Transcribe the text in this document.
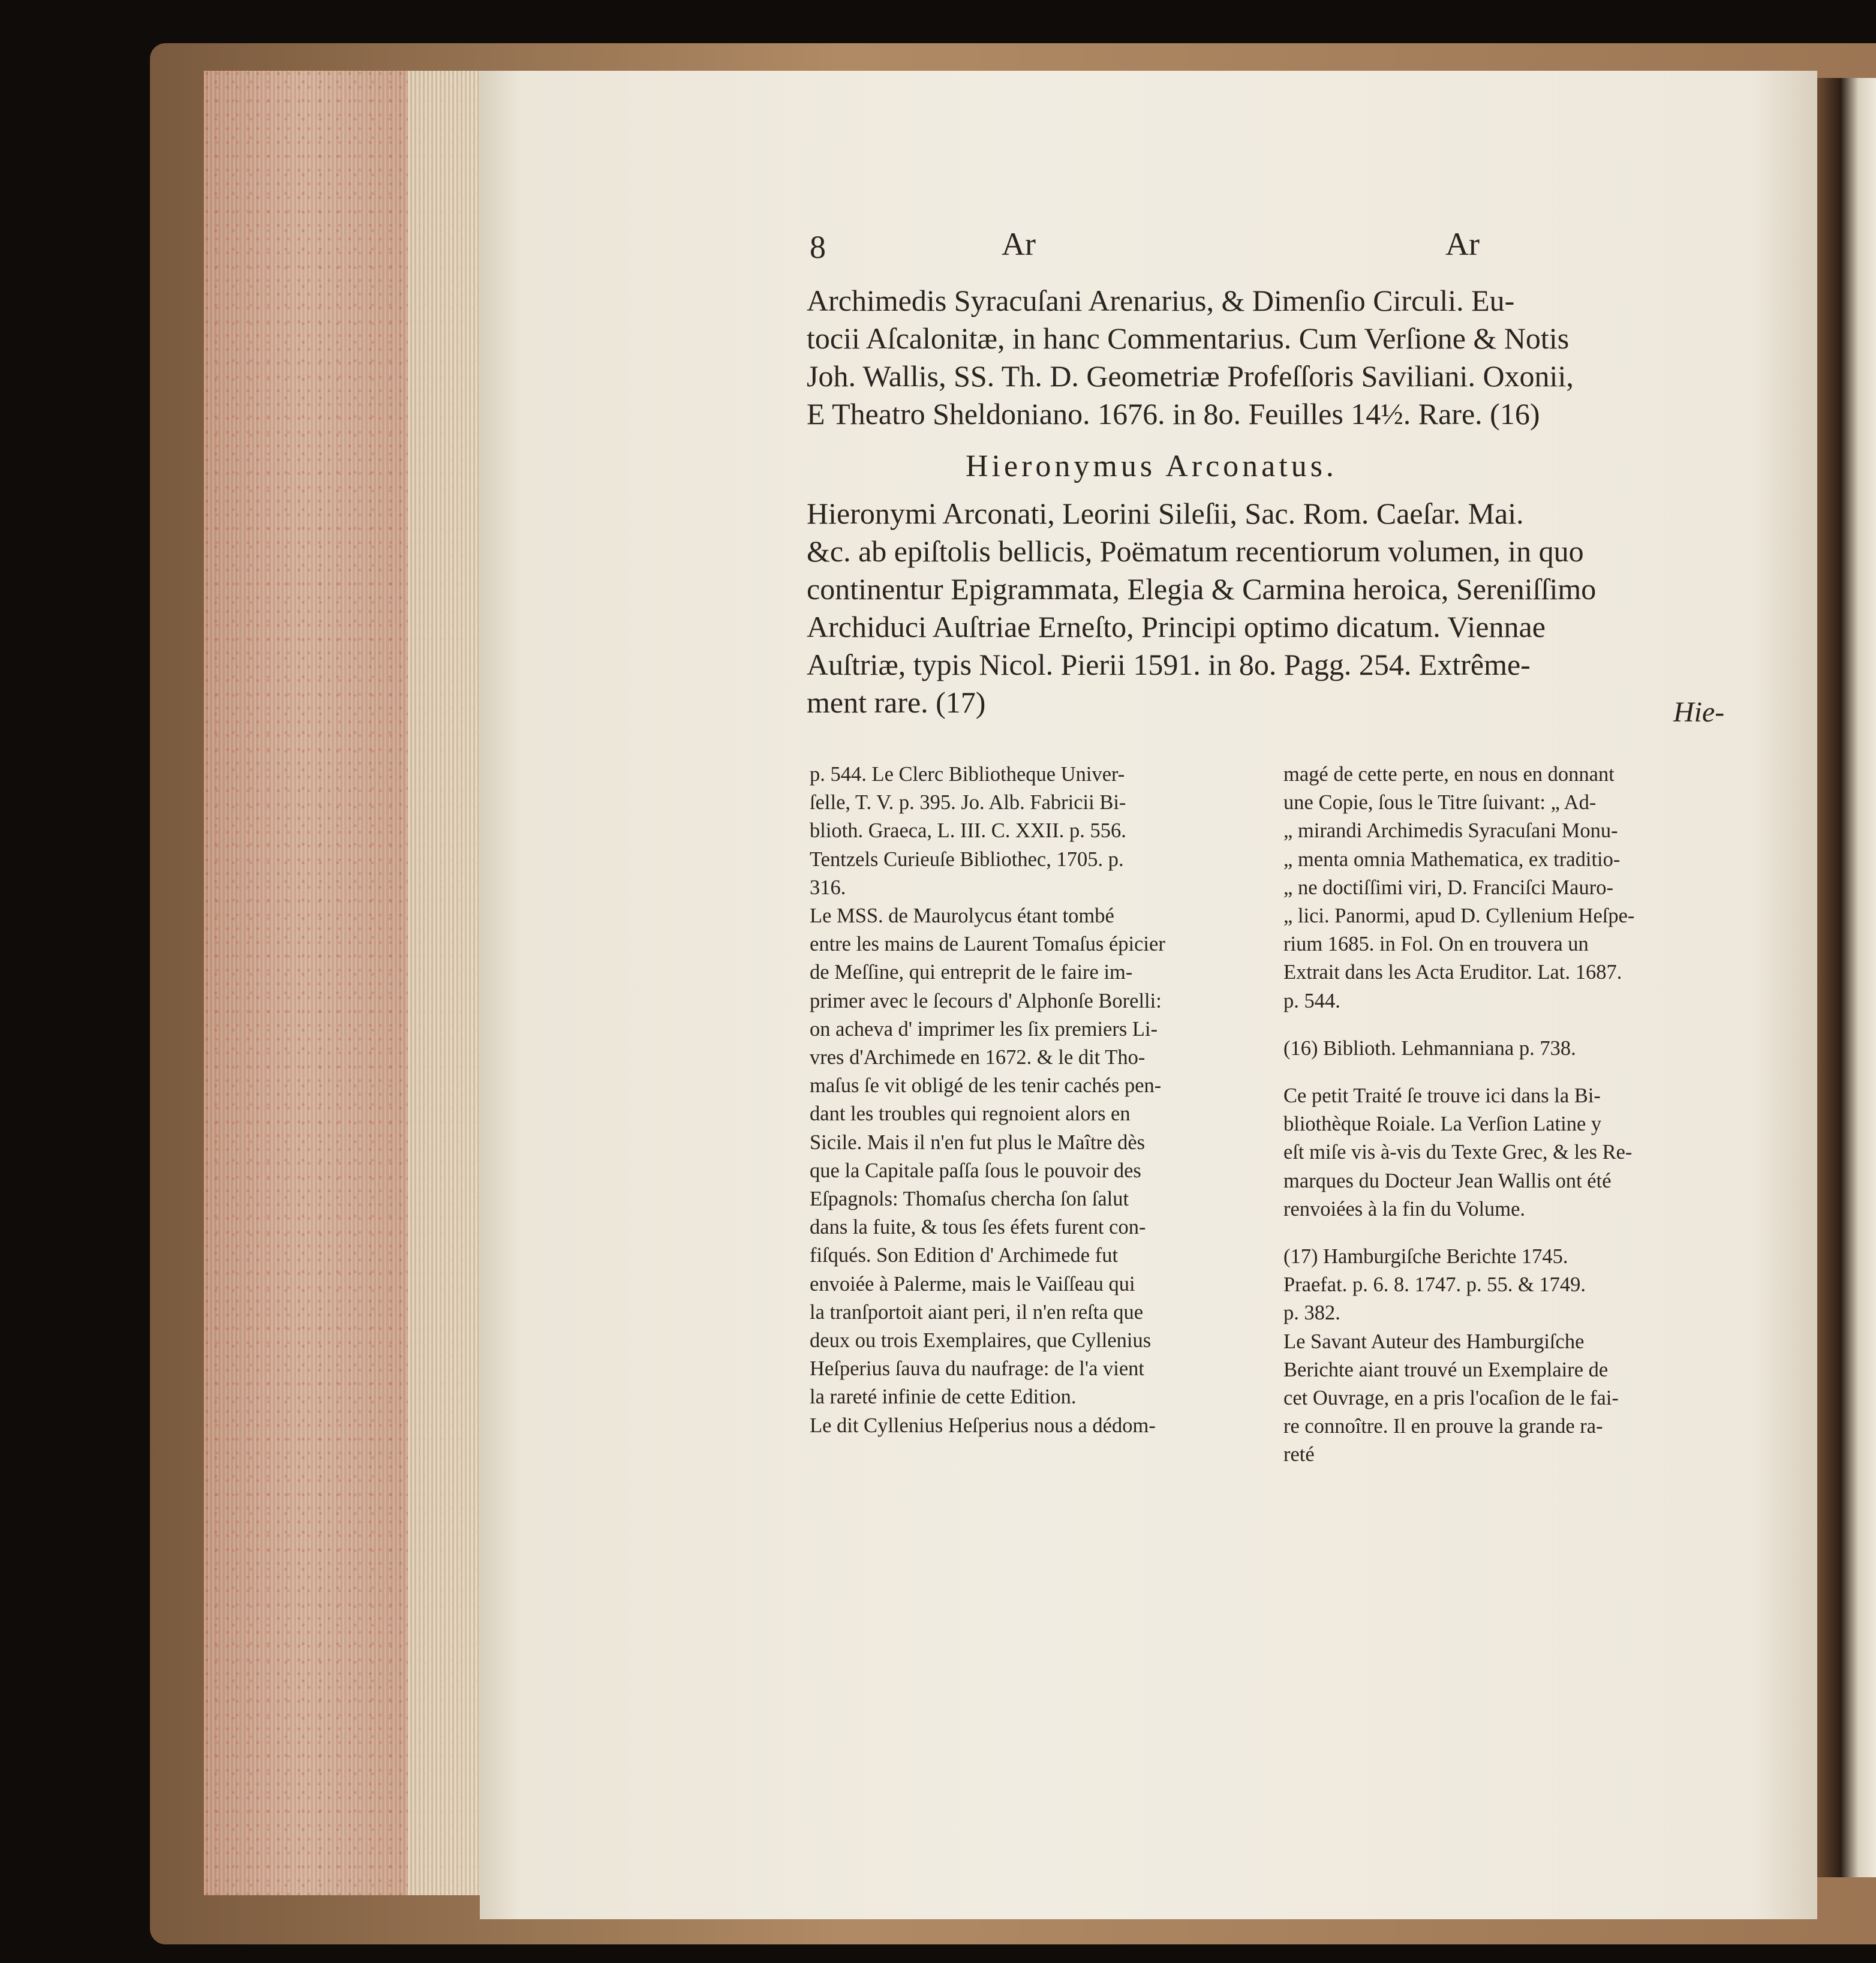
8	Ar	Ar
Archimedis Syracuſani Arenarius, & Dimenſio Circuli. Eu-
tocii Aſcalonitæ, in hanc Commentarius. Cum Verſione & Notis
Joh. Wallis, SS. Th. D. Geometriæ Profeſſoris Saviliani. Oxonii,
E Theatro Sheldoniano. 1676. in 8o. Feuilles 14½. Rare. (16)
Hieronymus Arconatus.
Hieronymi Arconati, Leorini Sileſii, Sac. Rom. Caeſar. Mai.
&c. ab epiſtolis bellicis, Poëmatum recentiorum volumen, in quo
continentur Epigrammata, Elegia & Carmina heroica, Sereniſſimo
Archiduci Auſtriae Erneſto, Principi optimo dicatum. Viennae
Auſtriæ, typis Nicol. Pierii 1591. in 8o. Pagg. 254. Extrême-
ment rare. (17)	Hie-
p. 544. Le Clerc Bibliotheque Univer-
ſelle, T. V. p. 395. Jo. Alb. Fabricii Bi-
blioth. Graeca, L. III. C. XXII. p. 556.
Tentzels Curieuſe Bibliothec, 1705. p.
316.
Le MSS. de Maurolycus étant tombé
entre les mains de Laurent Tomaſus épicier
de Meſſine, qui entreprit de le faire im-
primer avec le ſecours d' Alphonſe Borelli:
on acheva d' imprimer les ſix premiers Li-
vres d'Archimede en 1672. & le dit Tho-
maſus ſe vit obligé de les tenir cachés pen-
dant les troubles qui regnoient alors en
Sicile. Mais il n'en fut plus le Maître dès
que la Capitale paſſa ſous le pouvoir des
Eſpagnols: Thomaſus chercha ſon ſalut
dans la fuite, & tous ſes éfets furent con-
fiſqués. Son Edition d' Archimede fut
envoiée à Palerme, mais le Vaiſſeau qui
la tranſportoit aiant peri, il n'en reſta que
deux ou trois Exemplaires, que Cyllenius
Heſperius ſauva du naufrage: de l'a vient
la rareté infinie de cette Edition.
Le dit Cyllenius Heſperius nous a dédom-
magé de cette perte, en nous en donnant
une Copie, ſous le Titre ſuivant: „ Ad-
„ mirandi Archimedis Syracuſani Monu-
„ menta omnia Mathematica, ex traditio-
„ ne doctiſſimi viri, D. Franciſci Mauro-
„ lici. Panormi, apud D. Cyllenium Heſpe-
rium 1685. in Fol. On en trouvera un
Extrait dans les Acta Eruditor. Lat. 1687.
p. 544.
(16) Biblioth. Lehmanniana p. 738.
Ce petit Traité ſe trouve ici dans la Bi-
bliothèque Roiale. La Verſion Latine y
eſt miſe vis à-vis du Texte Grec, & les Re-
marques du Docteur Jean Wallis ont été
renvoiées à la fin du Volume.
(17) Hamburgiſche Berichte 1745.
Praefat. p. 6. 8. 1747. p. 55. & 1749.
p. 382.
Le Savant Auteur des Hamburgiſche
Berichte aiant trouvé un Exemplaire de
cet Ouvrage, en a pris l'ocaſion de le fai-
re connoître. Il en prouve la grande ra-
reté
